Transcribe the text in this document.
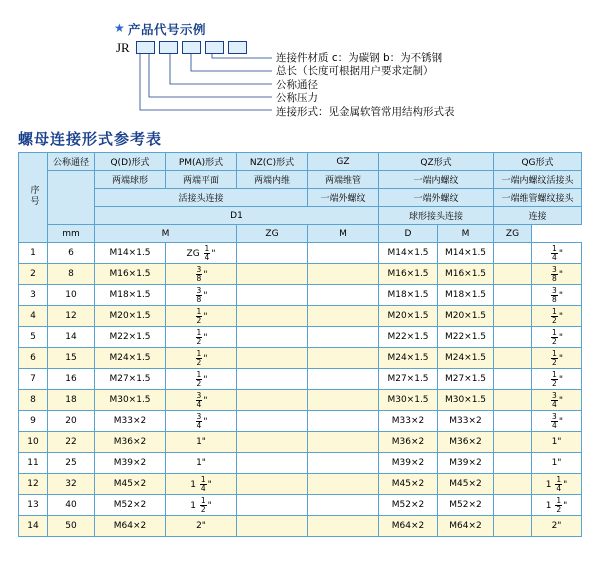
★ 产品代号示例
JR
连接件材质 c：为碳钢 b：为不锈钢
总长（长度可根据用户要求定制）
公称通径
公称压力
连接形式：见金属软管常用结构形式表
螺母连接形式参考表
序号	公称通径	Q(D)形式	PM(A)形式	NZ(C)形式	GZ	QZ形式		QG形式	
		两端球形	两端平面	两端内维	两端维管	一端内螺纹		一端内螺纹活接头	
		活接头连接			一端外螺纹	一端外螺纹		一端维管螺纹接头	
		D1				球形接头连接		连接	
	mm	M		ZG	M	D	M	ZG	
1	6	M14×1.5	ZG $\frac{1}{4}$ "			M14×1.5	M14×1.5		$\frac{1}{4}$ "
2	8	M16×1.5	$\frac{3}{8}$ "			M16×1.5	M16×1.5		$\frac{3}{8}$ "
3	10	M18×1.5	$\frac{3}{8}$ "			M18×1.5	M18×1.5		$\frac{3}{8}$ "
4	12	M20×1.5	$\frac{1}{2}$ "			M20×1.5	M20×1.5		$\frac{1}{2}$ "
5	14	M22×1.5	$\frac{1}{2}$ "			M22×1.5	M22×1.5		$\frac{1}{2}$ "
6	15	M24×1.5	$\frac{1}{2}$ "			M24×1.5	M24×1.5		$\frac{1}{2}$ "
7	16	M27×1.5	$\frac{1}{2}$ "			M27×1.5	M27×1.5		$\frac{1}{2}$ "
8	18	M30×1.5	$\frac{3}{4}$ "			M30×1.5	M30×1.5		$\frac{3}{4}$ "
9	20	M33×2	$\frac{3}{4}$ "			M33×2	M33×2		$\frac{3}{4}$ "
10	22	M36×2	1"			M36×2	M36×2		1"
11	25	M39×2	1"			M39×2	M39×2		1"
12	32	M45×2	$1 \frac{1}{4}$ "			M45×2	M45×2		$1 \frac{1}{4}$ "
13	40	M52×2	$1 \frac{1}{2}$ "			M52×2	M52×2		$1 \frac{1}{2}$ "
14	50	M64×2	2"			M64×2	M64×2		2"
